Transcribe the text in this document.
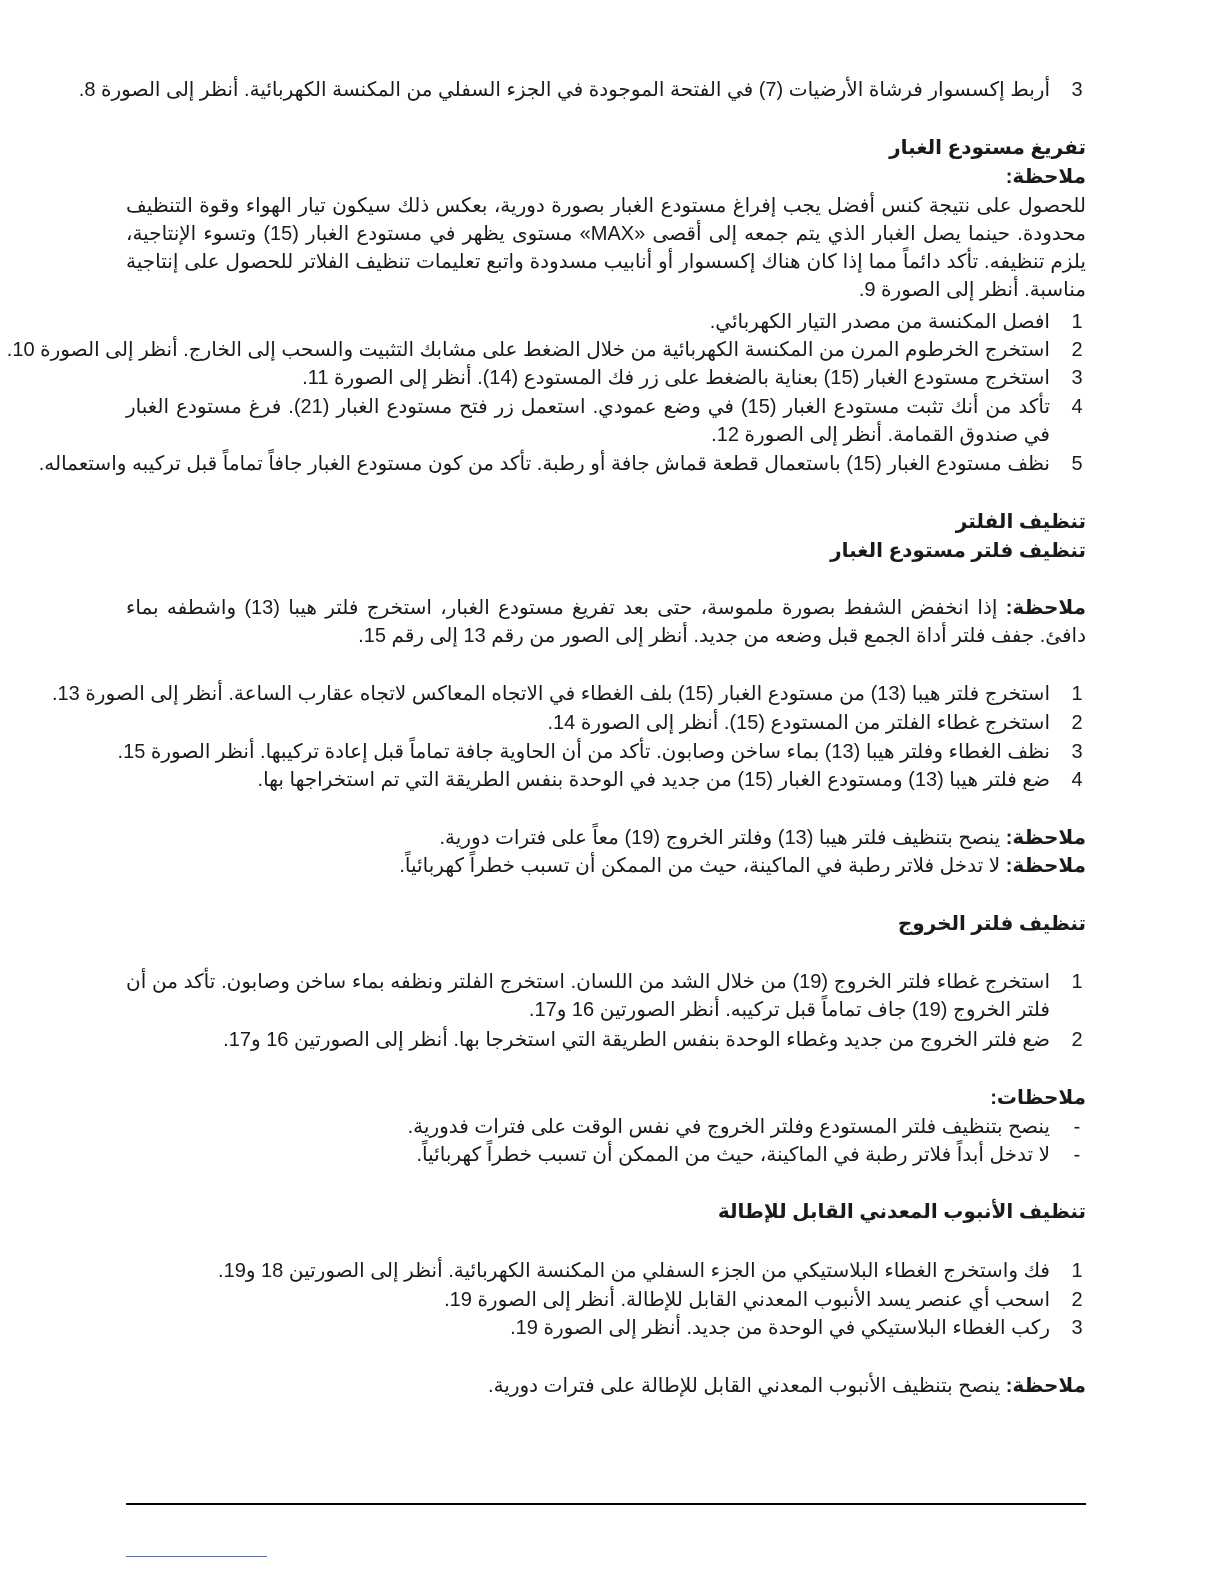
3
أربط إكسسوار فرشاة الأرضيات (7) في الفتحة الموجودة في الجزء السفلي من المكنسة الكهربائية. أنظر إلى الصورة 8.
تفريغ مستودع الغبار
ملاحظة:
للحصول على نتيجة كنس أفضل يجب إفراغ مستودع الغبار بصورة دورية، بعكس ذلك سيكون تيار الهواء وقوة التنظيف محدودة. حينما يصل الغبار الذي يتم جمعه إلى أقصى «MAX» مستوى يظهر في مستودع الغبار (15) وتسوء الإنتاجية، يلزم تنظيفه. تأكد دائماً مما إذا كان هناك إكسسوار أو أنابيب مسدودة واتبع تعليمات تنظيف الفلاتر للحصول على إنتاجية مناسبة. أنظر إلى الصورة 9.
1
افصل المكنسة من مصدر التيار الكهربائي.
2
استخرج الخرطوم المرن من المكنسة الكهربائية من خلال الضغط على مشابك التثبيت والسحب إلى الخارج. أنظر إلى الصورة 10.
3
استخرج مستودع الغبار (15) بعناية بالضغط على زر فك المستودع (14). أنظر إلى الصورة 11.
4
تأكد من أنك تثبت مستودع الغبار (15) في وضع عمودي. استعمل زر فتح مستودع الغبار (21). فرغ مستودع الغبار في صندوق القمامة. أنظر إلى الصورة 12.
5
نظف مستودع الغبار (15) باستعمال قطعة قماش جافة أو رطبة. تأكد من كون مستودع الغبار جافاً تماماً قبل تركيبه واستعماله.
تنظيف الفلتر
تنظيف فلتر مستودع الغبار
ملاحظة: إذا انخفض الشفط بصورة ملموسة، حتى بعد تفريغ مستودع الغبار، استخرج فلتر هيبا (13) واشطفه بماء دافئ. جفف فلتر أداة الجمع قبل وضعه من جديد. أنظر إلى الصور من رقم 13 إلى رقم 15.
1
استخرج فلتر هيبا (13) من مستودع الغبار (15) بلف الغطاء في الاتجاه المعاكس لاتجاه عقارب الساعة. أنظر إلى الصورة 13.
2
استخرج غطاء الفلتر من المستودع (15). أنظر إلى الصورة 14.
3
نظف الغطاء وفلتر هيبا (13) بماء ساخن وصابون. تأكد من أن الحاوية جافة تماماً قبل إعادة تركيبها. أنظر الصورة 15.
4
ضع فلتر هيبا (13) ومستودع الغبار (15) من جديد في الوحدة بنفس الطريقة التي تم استخراجها بها.
ملاحظة: ينصح بتنظيف فلتر هيبا (13) وفلتر الخروج (19) معاً على فترات دورية.
ملاحظة: لا تدخل فلاتر رطبة في الماكينة، حيث من الممكن أن تسبب خطراً كهربائياً.
تنظيف فلتر الخروج
1
استخرج غطاء فلتر الخروج (19) من خلال الشد من اللسان. استخرج الفلتر ونظفه بماء ساخن وصابون. تأكد من أن فلتر الخروج (19) جاف تماماً قبل تركيبه. أنظر الصورتين 16 و17.
2
ضع فلتر الخروج من جديد وغطاء الوحدة بنفس الطريقة التي استخرجا بها. أنظر إلى الصورتين 16 و17.
ملاحظات:
-
ينصح بتنظيف فلتر المستودع وفلتر الخروج في نفس الوقت على فترات فدورية.
-
لا تدخل أبداً فلاتر رطبة في الماكينة، حيث من الممكن أن تسبب خطراً كهربائياً.
تنظيف الأنبوب المعدني القابل للإطالة
1
فك واستخرج الغطاء البلاستيكي من الجزء السفلي من المكنسة الكهربائية. أنظر إلى الصورتين 18 و19.
2
اسحب أي عنصر يسد الأنبوب المعدني القابل للإطالة. أنظر إلى الصورة 19.
3
ركب الغطاء البلاستيكي في الوحدة من جديد. أنظر إلى الصورة 19.
ملاحظة: ينصح بتنظيف الأنبوب المعدني القابل للإطالة على فترات دورية.
